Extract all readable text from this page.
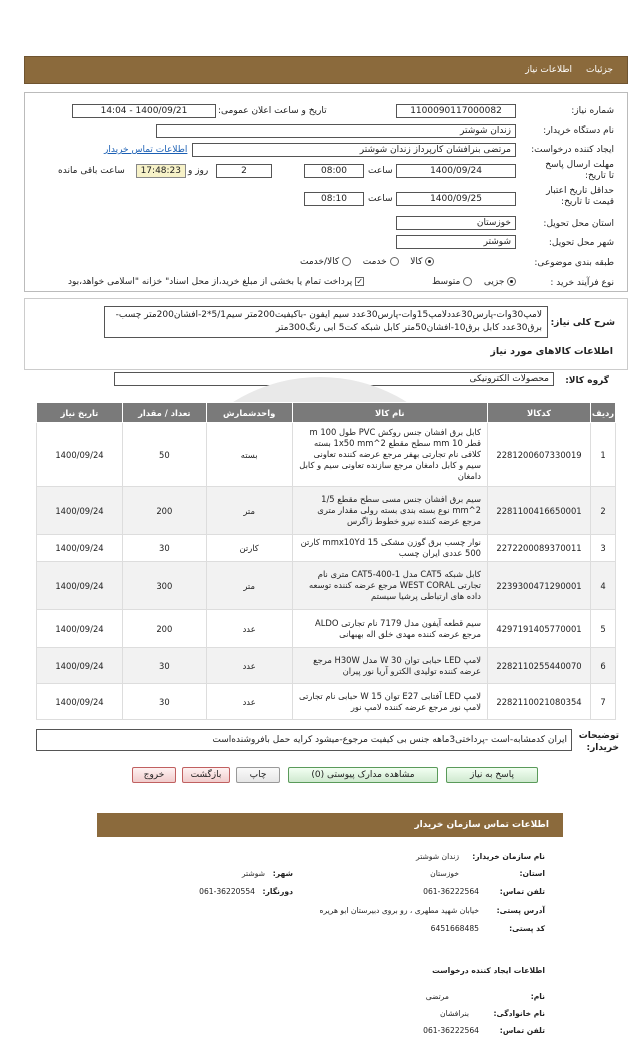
جزئیات
اطلاعات نیاز
شماره نیاز:
1100090117000082
تاریخ و ساعت اعلان عمومی:
1400/09/21 - 14:04
نام دستگاه خریدار:
زندان شوشتر
ایجاد کننده درخواست:
مرتضی بنرافشان کارپرداز زندان شوشتر
اطلاعات تماس خریدار
مهلت ارسال پاسخ تا تاریخ:
1400/09/24
ساعت
08:00
2
روز و
17:48:23
ساعت باقی مانده
حداقل تاریخ اعتبار قیمت تا تاریخ:
1400/09/25
ساعت
08:10
استان محل تحویل:
خوزستان
شهر محل تحویل:
شوشتر
طبقه بندی موضوعی:
کالا   خدمت   کالا/خدمت
نوع فرآیند خرید :
جزیی   متوسط
✓پرداخت تمام یا بخشی از مبلغ خرید،از محل اسناد" خزانه "اسلامی خواهد،بود
شرح کلی نیاز:
لامپ30وات-پارس30عددلامپ15وات-پارس30عدد سیم ایفون -باکیفیت200متر سیم5/1*2-افشان200متر چسب-برق30عدد کابل برق10-افشان50متر کابل شبکه کت5 ابی رنگ300متر
اطلاعات کالاهای مورد نیاز
گروه کالا:
محصولات الکترونیکی
ردیف	کدکالا	نام کالا	واحدشمارش	تعداد / مقدار	تاریخ نیاز
1	2281200607330019	کابل برق افشان جنس روکش PVC طول 100 m قطر 10 mm سطح مقطع 1x50 mm^2 بسته کلافی نام تجارتی بهفر مرجع عرضه کننده تعاونی سیم و کابل دامغان مرجع سازنده تعاونی سیم و کابل دامغان	بسته	50	1400/09/24
2	2281100416650001	سیم برق افشان جنس مسی سطح مقطع 1/5 mm^2 نوع بسته بندی بسته رولی مقدار متری مرجع عرضه کننده نیرو خطوط زاگرس	متر	200	1400/09/24
3	2272200089370011	نوار چسب برق گوزن مشکی 15 mmx10Yd کارتن 500 عددی ایران چسب	کارتن	30	1400/09/24
4	2239300471290001	کابل شبکه CAT5 مدل CAT5-400-1 متری نام تجارتی WEST CORAL مرجع عرضه کننده توسعه داده های ارتباطی پرشیا سیستم	متر	300	1400/09/24
5	4297191405770001	سیم قطعه آیفون مدل 7179 نام تجارتی ALDO مرجع عرضه کننده مهدی خلق اله بهبهانی	عدد	200	1400/09/24
6	2282110255440070	لامپ LED حبابی توان 30 W مدل H30W مرجع عرضه کننده تولیدی الکترو آریا نور پیران	عدد	30	1400/09/24
7	2282110021080354	لامپ LED آفتابی E27 توان 15 W حبابی نام تجارتی لامپ نور مرجع عرضه کننده لامپ نور	عدد	30	1400/09/24
توضیحات خریدار:
ایران کدمشابه-است -پرداختی3ماهه جنس بی کیفیت مرجوع-میشود کرایه حمل بافروشنده‌است
پاسخ به نیاز
مشاهده مدارک پیوستی (0)
چاپ
بازگشت
خروج
اطلاعات تماس سازمان خریدار
نام سازمان خریدار:
زندان شوشتر
استان:
خوزستان
شهر:
شوشتر
تلفن تماس:
061-36222564
دورنگار:
061-36220554
آدرس پستی:
خیابان شهید مطهری ، رو بروی دبیرستان ابو هریره
کد پستی:
6451668485
اطلاعات ایجاد کننده درخواست
نام:
مرتضی
نام خانوادگی:
بنرافشان
تلفن تماس:
061-36222564
